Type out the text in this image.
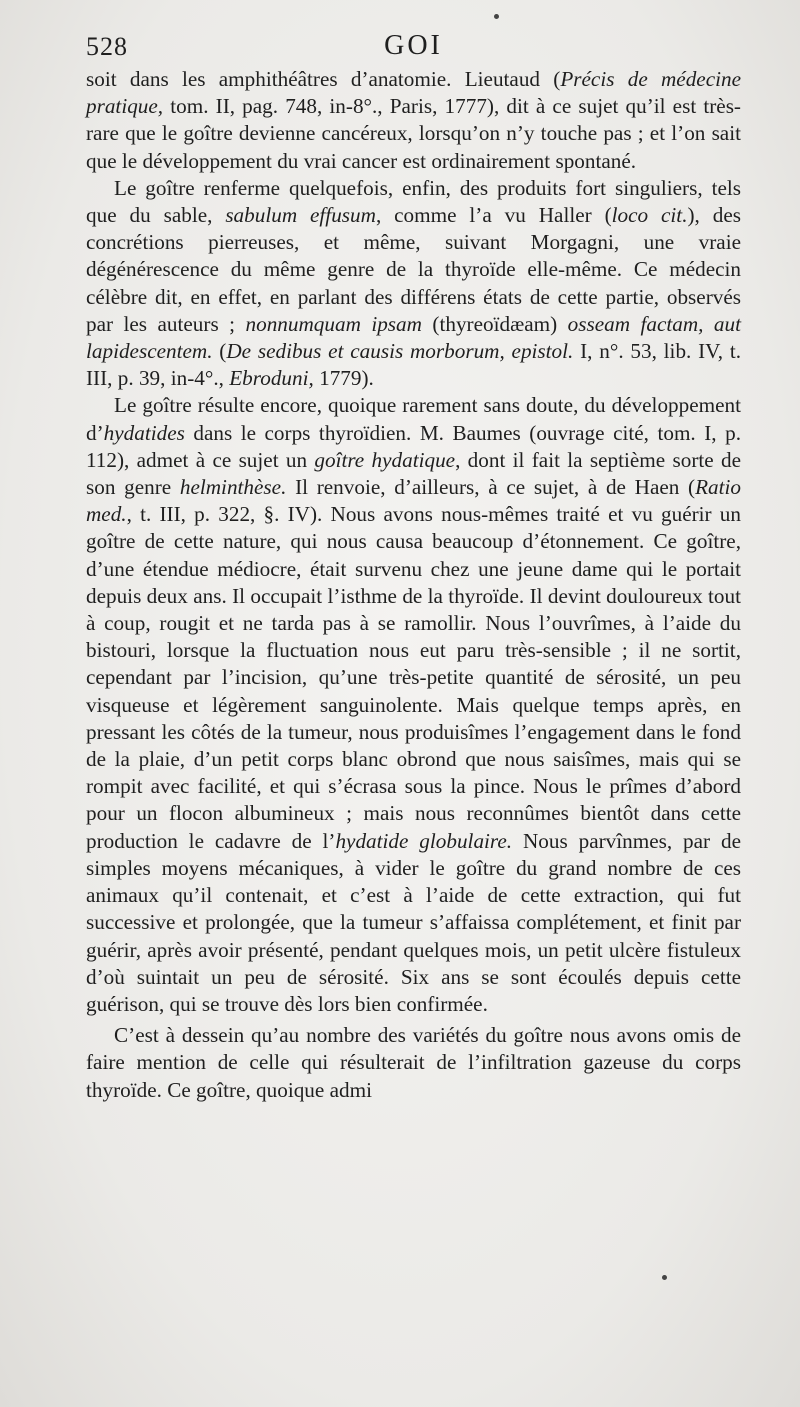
528	GOI

soit dans les amphithéâtres d’anatomie. Lieutaud (Précis de médecine pratique, tom. II, pag. 748, in-8°., Paris, 1777), dit à ce sujet qu’il est très-rare que le goître devienne cancéreux, lorsqu’on n’y touche pas ; et l’on sait que le développement du vrai cancer est ordinairement spontané.

Le goître renferme quelquefois, enfin, des produits fort singuliers, tels que du sable, sabulum effusum, comme l’a vu Haller (loco cit.), des concrétions pierreuses, et même, suivant Morgagni, une vraie dégénérescence du même genre de la thyroïde elle-même. Ce médecin célèbre dit, en effet, en parlant des différens états de cette partie, observés par les auteurs ; nonnumquam ipsam (thyreoïdæam) osseam factam, aut lapidescentem. (De sedibus et causis morborum, epistol. I, n°. 53, lib. IV, t. III, p. 39, in-4°., Ebroduni, 1779).

Le goître résulte encore, quoique rarement sans doute, du développement d’hydatides dans le corps thyroïdien. M. Baumes (ouvrage cité, tom. I, p. 112), admet à ce sujet un goître hydatique, dont il fait la septième sorte de son genre helminthèse. Il renvoie, d’ailleurs, à ce sujet, à de Haen (Ratio med., t. III, p. 322, §. IV). Nous avons nous-mêmes traité et vu guérir un goître de cette nature, qui nous causa beaucoup d’étonnement. Ce goître, d’une étendue médiocre, était survenu chez une jeune dame qui le portait depuis deux ans. Il occupait l’isthme de la thyroïde. Il devint douloureux tout à coup, rougit et ne tarda pas à se ramollir. Nous l’ouvrîmes, à l’aide du bistouri, lorsque la fluctuation nous eut paru très-sensible ; il ne sortit, cependant par l’incision, qu’une très-petite quantité de sérosité, un peu visqueuse et légèrement sanguinolente. Mais quelque temps après, en pressant les côtés de la tumeur, nous produisîmes l’engagement dans le fond de la plaie, d’un petit corps blanc obrond que nous saisîmes, mais qui se rompit avec facilité, et qui s’écrasa sous la pince. Nous le prîmes d’abord pour un flocon albumineux ; mais nous reconnûmes bientôt dans cette production le cadavre de l’hydatide globulaire. Nous parvînmes, par de simples moyens mécaniques, à vider le goître du grand nombre de ces animaux qu’il contenait, et c’est à l’aide de cette extraction, qui fut successive et prolongée, que la tumeur s’affaissa complétement, et finit par guérir, après avoir présenté, pendant quelques mois, un petit ulcère fistuleux d’où suintait un peu de sérosité. Six ans se sont écoulés depuis cette guérison, qui se trouve dès lors bien confirmée.

C’est à dessein qu’au nombre des variétés du goître nous avons omis de faire mention de celle qui résulterait de l’infiltration gazeuse du corps thyroïde. Ce goître, quoique admi
